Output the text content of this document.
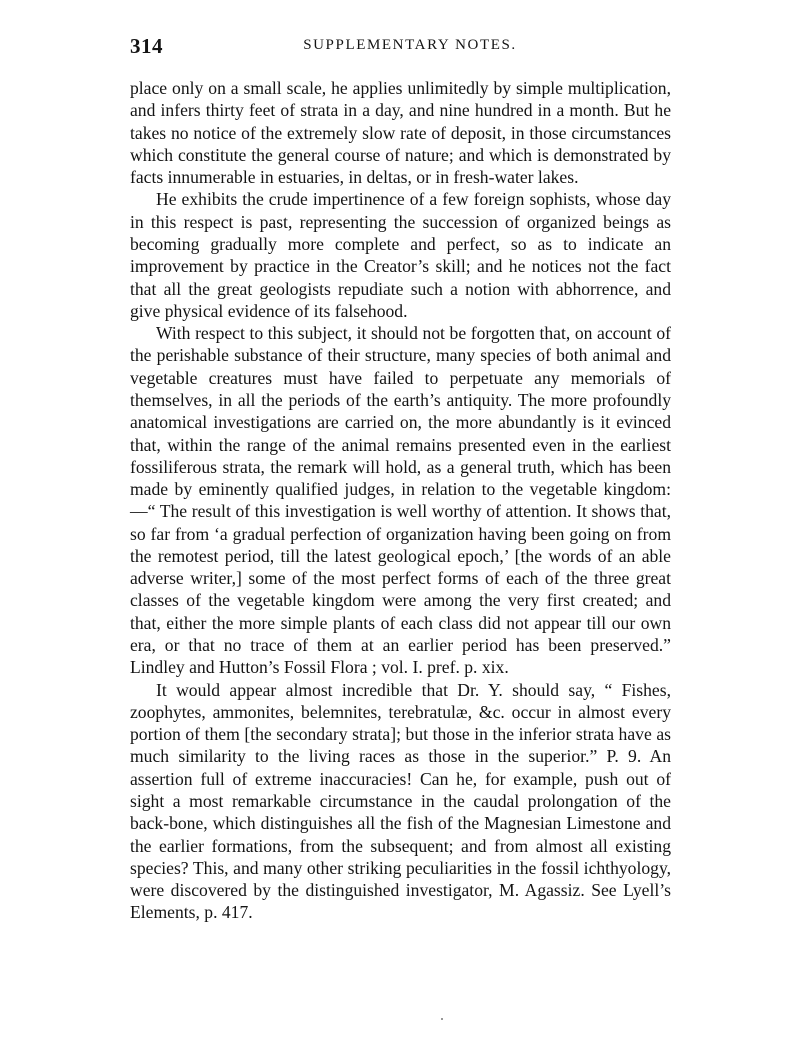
314	SUPPLEMENTARY NOTES.

place only on a small scale, he applies unlimitedly by simple multiplication, and infers thirty feet of strata in a day, and nine hundred in a month. But he takes no notice of the extremely slow rate of deposit, in those circumstances which constitute the general course of nature; and which is demonstrated by facts innumerable in estuaries, in deltas, or in fresh-water lakes.

He exhibits the crude impertinence of a few foreign sophists, whose day in this respect is past, representing the succession of organized beings as becoming gradually more complete and perfect, so as to indicate an improvement by practice in the Creator’s skill; and he notices not the fact that all the great geologists repudiate such a notion with abhorrence, and give physical evidence of its falsehood.

With respect to this subject, it should not be forgotten that, on account of the perishable substance of their structure, many species of both animal and vegetable creatures must have failed to perpetuate any memorials of themselves, in all the periods of the earth’s antiquity. The more profoundly anatomical investigations are carried on, the more abundantly is it evinced that, within the range of the animal remains presented even in the earliest fossiliferous strata, the remark will hold, as a general truth, which has been made by eminently qualified judges, in relation to the vegetable kingdom:—“ The result of this investigation is well worthy of attention. It shows that, so far from ‘a gradual perfection of organization having been going on from the remotest period, till the latest geological epoch,’ [the words of an able adverse writer,] some of the most perfect forms of each of the three great classes of the vegetable kingdom were among the very first created; and that, either the more simple plants of each class did not appear till our own era, or that no trace of them at an earlier period has been preserved.” Lindley and Hutton’s Fossil Flora ; vol. I. pref. p. xix.

It would appear almost incredible that Dr. Y. should say, “ Fishes, zoophytes, ammonites, belemnites, terebratulæ, &c. occur in almost every portion of them [the secondary strata]; but those in the inferior strata have as much similarity to the living races as those in the superior.” P. 9. An assertion full of extreme inaccuracies! Can he, for example, push out of sight a most remarkable circumstance in the caudal prolongation of the back-bone, which distinguishes all the fish of the Magnesian Limestone and the earlier formations, from the subsequent; and from almost all existing species? This, and many other striking peculiarities in the fossil ichthyology, were discovered by the distinguished investigator, M. Agassiz. See Lyell’s Elements, p. 417.
